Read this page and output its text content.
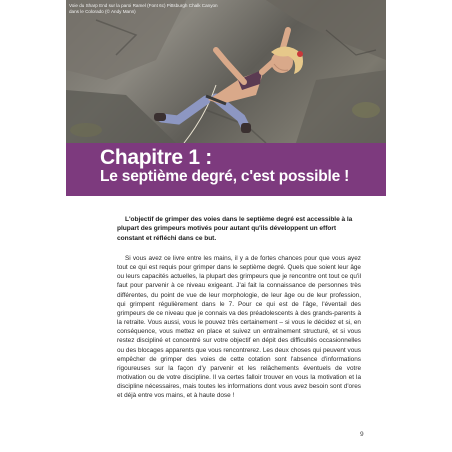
Voie du Sharp End sur la paroi Ramel (Font 6c) Pittsburgh Chalk Canyon dans le Colorado (© Andy Mann)
Chapitre 1 :
Le septième degré, c'est possible !

L'objectif de grimper des voies dans le septième degré est accessible à la plupart des grimpeurs motivés pour autant qu'ils développent un effort constant et réfléchi dans ce but.

Si vous avez ce livre entre les mains, il y a de fortes chances pour que vous ayez tout ce qui est requis pour grimper dans le septième degré. Quels que soient leur âge ou leurs capacités actuelles, la plupart des grimpeurs que je rencontre ont tout ce qu'il faut pour parvenir à ce niveau exigeant. J'ai fait la connaissance de personnes très différentes, du point de vue de leur morphologie, de leur âge ou de leur profession, qui grimpent régulièrement dans le 7. Pour ce qui est de l'âge, l'éventail des grimpeurs de ce niveau que je connais va des préadolescents à des grands-parents à la retraite. Vous aussi, vous le pouvez très certainement – si vous le décidez et si, en conséquence, vous mettez en place et suivez un entraînement structuré, et si vous restez discipliné et concentré sur votre objectif en dépit des difficultés occasionnelles ou des blocages apparents que vous rencontrerez. Les deux choses qui peuvent vous empêcher de grimper des voies de cette cotation sont l'absence d'informations rigoureuses sur la façon d'y parvenir et les relâchements éventuels de votre motivation ou de votre discipline. Il va certes falloir trouver en vous la motivation et la discipline nécessaires, mais toutes les informations dont vous avez besoin sont d'ores et déjà entre vos mains, et à haute dose !

9
